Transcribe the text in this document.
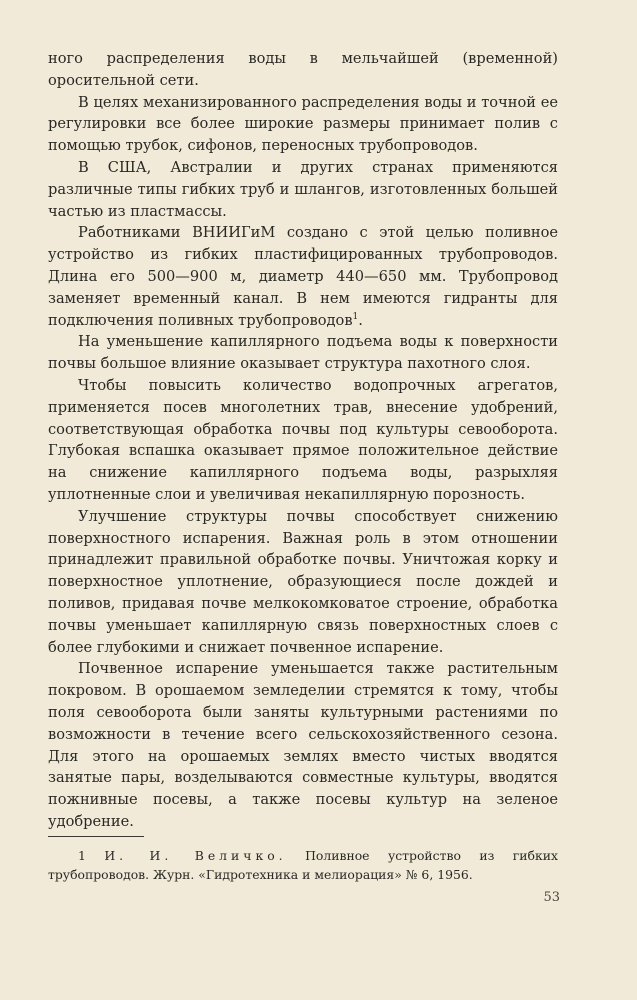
ного распределения воды в мельчайшей (временной) оросительной сети.

В целях механизированного распределения воды и точной ее регулировки все более широкие размеры принимает полив с помощью трубок, сифонов, переносных трубопроводов.

В США, Австралии и других странах применяются различные типы гибких труб и шлангов, изготовленных большей частью из пластмассы.

Работниками ВНИИГиМ создано с этой целью поливное устройство из гибких пластифицированных трубопроводов. Длина его 500—900 м, диаметр 440—650 мм. Трубопровод заменяет временный канал. В нем имеются гидранты для подключения поливных трубопроводов$^1$.

На уменьшение капиллярного подъема воды к поверхности почвы большое влияние оказывает структура пахотного слоя.

Чтобы повысить количество водопрочных агрегатов, применяется посев многолетних трав, внесение удобрений, соответствующая обработка почвы под культуры севооборота. Глубокая вспашка оказывает прямое положительное действие на снижение капиллярного подъема воды, разрыхляя уплотненные слои и увеличивая некапиллярную порозность.

Улучшение структуры почвы способствует снижению поверхностного испарения. Важная роль в этом отношении принадлежит правильной обработке почвы. Уничтожая корку и поверхностное уплотнение, образующиеся после дождей и поливов, придавая почве мелкокомковатое строение, обработка почвы уменьшает капиллярную связь поверхностных слоев с более глубокими и снижает почвенное испарение.

Почвенное испарение уменьшается также растительным покровом. В орошаемом земледелии стремятся к тому, чтобы поля севооборота были заняты культурными растениями по возможности в течение всего сельскохозяйственного сезона. Для этого на орошаемых землях вместо чистых вводятся занятые пары, возделываются совместные культуры, вводятся пожнивные посевы, а также посевы культур на зеленое удобрение.

1 И. И. Величко. Поливное устройство из гибких трубопроводов. Журн. «Гидротехника и мелиорация» № 6, 1956.
53
